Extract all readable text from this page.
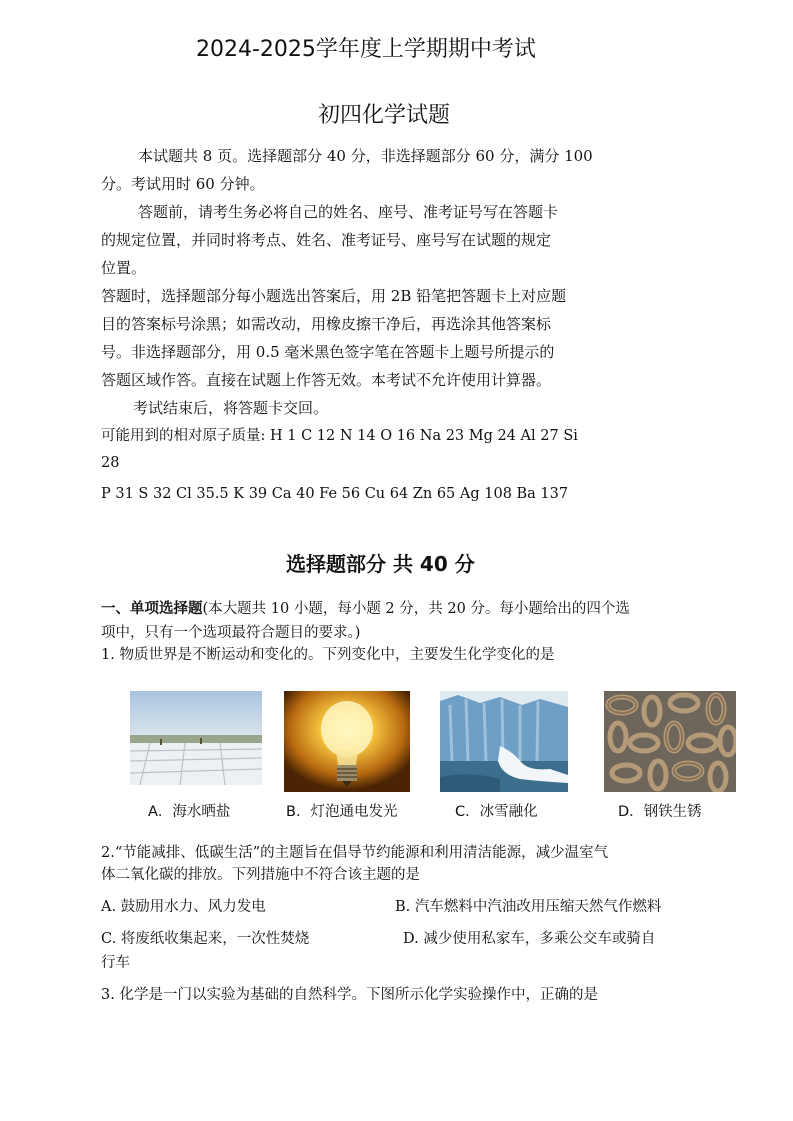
2024-2025学年度上学期期中考试
初四化学试题
本试题共 8 页。选择题部分 40 分，非选择题部分 60 分，满分 100
分。考试用时 60 分钟。
答题前，请考生务必将自己的姓名、座号、准考证号写在答题卡
的规定位置，并同时将考点、姓名、准考证号、座号写在试题的规定
位置。
答题时，选择题部分每小题选出答案后，用 2B 铅笔把答题卡上对应题
目的答案标号涂黑；如需改动，用橡皮擦干净后，再选涂其他答案标
号。非选择题部分，用 0.5 毫米黑色签字笔在答题卡上题号所提示的
答题区域作答。直接在试题上作答无效。本考试不允许使用计算器。
考试结束后，将答题卡交回。
可能用到的相对原子质量: H 1 C 12 N 14 O 16 Na 23 Mg 24 Al 27 Si
28
P 31 S 32 Cl 35.5 K 39 Ca 40 Fe 56 Cu 64 Zn 65 Ag 108 Ba 137
选择题部分 共 40 分
一、单项选择题(本大题共 10 小题，每小题 2 分，共 20 分。每小题给出的四个选
项中，只有一个选项最符合题目的要求。)
1. 物质世界是不断运动和变化的。下列变化中，主要发生化学变化的是
A．海水晒盐	B．灯泡通电发光	C．冰雪融化	D．钢铁生锈
2.“节能减排、低碳生活”的主题旨在倡导节约能源和利用清洁能源，减少温室气
体二氧化碳的排放。下列措施中不符合该主题的是
A. 鼓励用水力、风力发电	B. 汽车燃料中汽油改用压缩天然气作燃料
C. 将废纸收集起来，一次性焚烧	D. 减少使用私家车，多乘公交车或骑自
行车
3. 化学是一门以实验为基础的自然科学。下图所示化学实验操作中，正确的是
